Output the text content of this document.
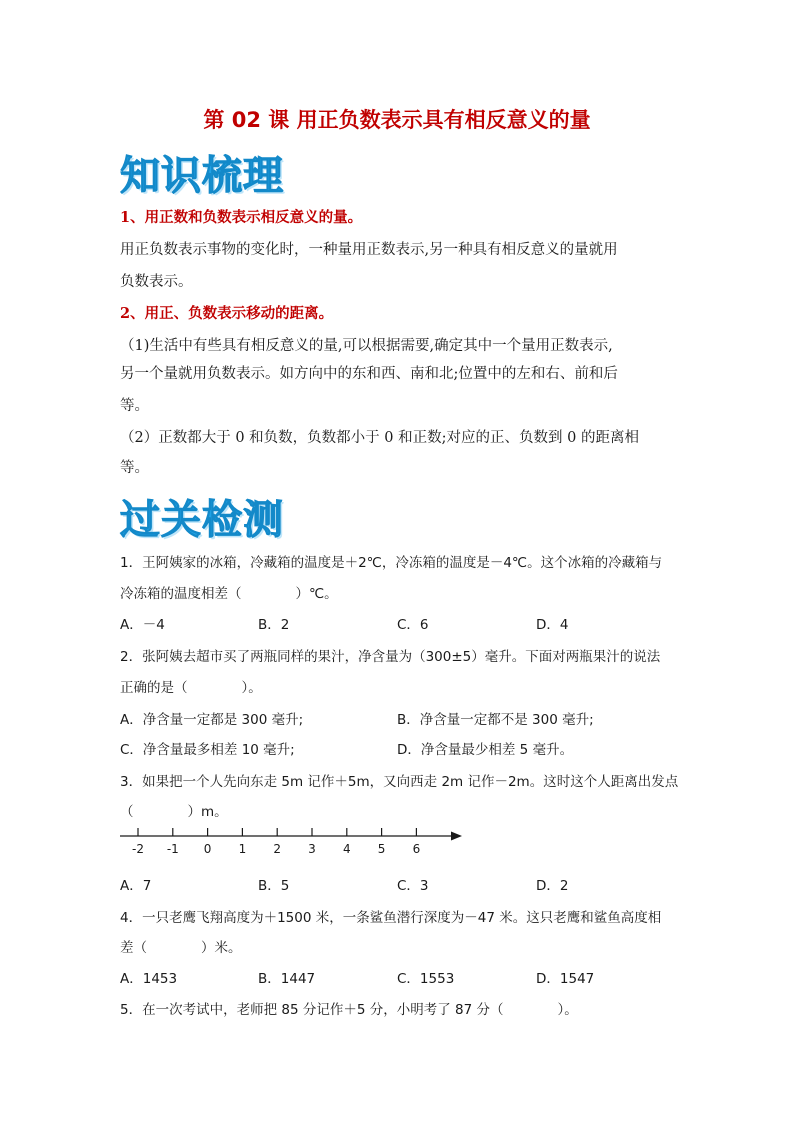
第 02 课 用正负数表示具有相反意义的量
知识梳理
1、用正数和负数表示相反意义的量。
用正负数表示事物的变化时，一种量用正数表示,另一种具有相反意义的量就用
负数表示。
2、用正、负数表示移动的距离。
（1)生活中有些具有相反意义的量,可以根据需要,确定其中一个量用正数表示,
另一个量就用负数表示。如方向中的东和西、南和北;位置中的左和右、前和后
等。
（2）正数都大于 0 和负数，负数都小于 0 和正数;对应的正、负数到 0 的距离相
等。
过关检测
1．王阿姨家的冰箱，冷藏箱的温度是＋2℃，冷冻箱的温度是－4℃。这个冰箱的冷藏箱与
冷冻箱的温度相差（　　　　）℃。
A．－4	B．2	C．6	D．4
2．张阿姨去超市买了两瓶同样的果汁，净含量为（300±5）毫升。下面对两瓶果汁的说法
正确的是（　　　　）。
A．净含量一定都是 300 毫升;	B．净含量一定都不是 300 毫升;
C．净含量最多相差 10 毫升;	D．净含量最少相差 5 毫升。
3．如果把一个人先向东走 5m 记作＋5m，又向西走 2m 记作－2m。这时这个人距离出发点
（　　　　）m。
-2 -1 0 1 2 3 4 5 6
A．7	B．5	C．3	D．2
4．一只老鹰飞翔高度为＋1500 米，一条鲨鱼潜行深度为－47 米。这只老鹰和鲨鱼高度相
差（　　　　）米。
A．1453	B．1447	C．1553	D．1547
5．在一次考试中，老师把 85 分记作＋5 分，小明考了 87 分（　　　　）。
